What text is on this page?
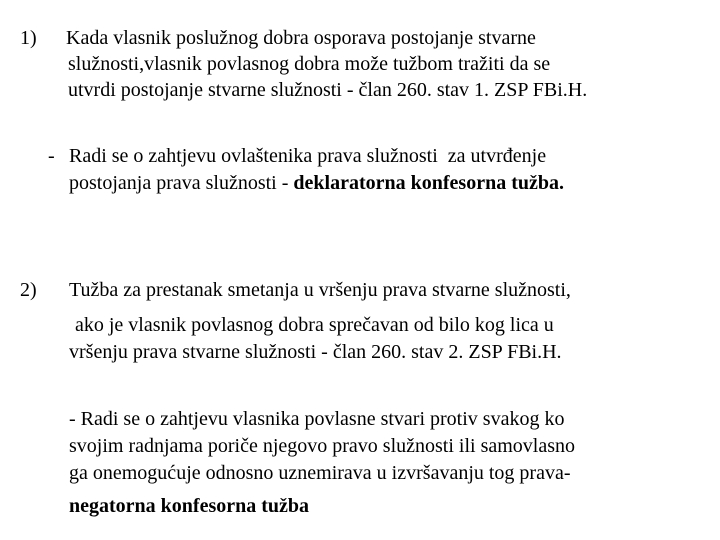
1) Kada vlasnik poslužnog dobra osporava postojanje stvarne
služnosti,vlasnik povlasnog dobra može tužbom tražiti da se
utvrdi postojanje stvarne služnosti - član 260. stav 1. ZSP FBi.H.
- Radi se o zahtjevu ovlaštenika prava služnosti  za utvrđenje
postojanja prava služnosti - deklaratorna konfesorna tužba.
2) Tužba za prestanak smetanja u vršenju prava stvarne služnosti,
ako je vlasnik povlasnog dobra sprečavan od bilo kog lica u
vršenju prava stvarne služnosti - član 260. stav 2. ZSP FBi.H.
- Radi se o zahtjevu vlasnika povlasne stvari protiv svakog ko
svojim radnjama poriče njegovo pravo služnosti ili samovlasno
ga onemogućuje odnosno uznemirava u izvršavanju tog prava-
negatorna konfesorna tužba
